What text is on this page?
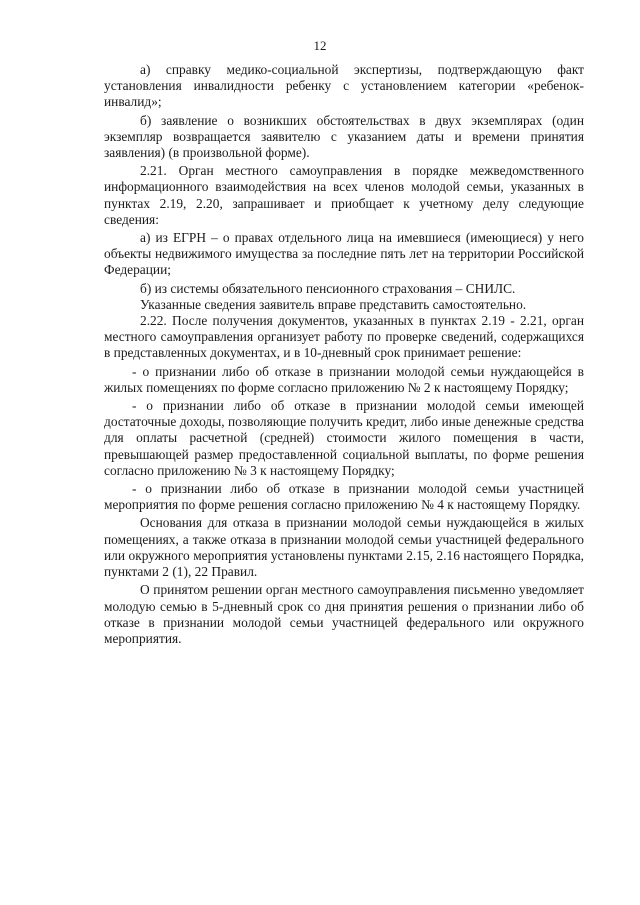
12

а) справку медико-социальной экспертизы, подтверждающую факт установления инвалидности ребенку с установлением категории «ребенок-инвалид»;

б) заявление о возникших обстоятельствах в двух экземплярах (один экземпляр возвращается заявителю с указанием даты и времени принятия заявления) (в произвольной форме).

2.21. Орган местного самоуправления в порядке межведомственного информационного взаимодействия на всех членов молодой семьи, указанных в пунктах 2.19, 2.20, запрашивает и приобщает к учетному делу следующие сведения:

а) из ЕГРН – о правах отдельного лица на имевшиеся (имеющиеся) у него объекты недвижимого имущества за последние пять лет на территории Российской Федерации;

б) из системы обязательного пенсионного страхования – СНИЛС.

Указанные сведения заявитель вправе представить самостоятельно.

2.22. После получения документов, указанных в пунктах 2.19 - 2.21, орган местного самоуправления организует работу по проверке сведений, содержащихся в представленных документах, и в 10-дневный срок принимает решение:

- о признании либо об отказе в признании молодой семьи нуждающейся в жилых помещениях по форме согласно приложению № 2 к настоящему Порядку;

- о признании либо об отказе в признании молодой семьи имеющей достаточные доходы, позволяющие получить кредит, либо иные денежные средства для оплаты расчетной (средней) стоимости жилого помещения в части, превышающей размер предоставленной социальной выплаты, по форме решения согласно приложению № 3 к настоящему Порядку;

- о признании либо об отказе в признании молодой семьи участницей мероприятия по форме решения согласно приложению № 4 к настоящему Порядку.

Основания для отказа в признании молодой семьи нуждающейся в жилых помещениях, а также отказа в признании молодой семьи участницей федерального или окружного мероприятия установлены пунктами 2.15, 2.16 настоящего Порядка, пунктами 2 (1), 22 Правил.

О принятом решении орган местного самоуправления письменно уведомляет молодую семью в 5-дневный срок со дня принятия решения о признании либо об отказе в признании молодой семьи участницей федерального или окружного мероприятия.
